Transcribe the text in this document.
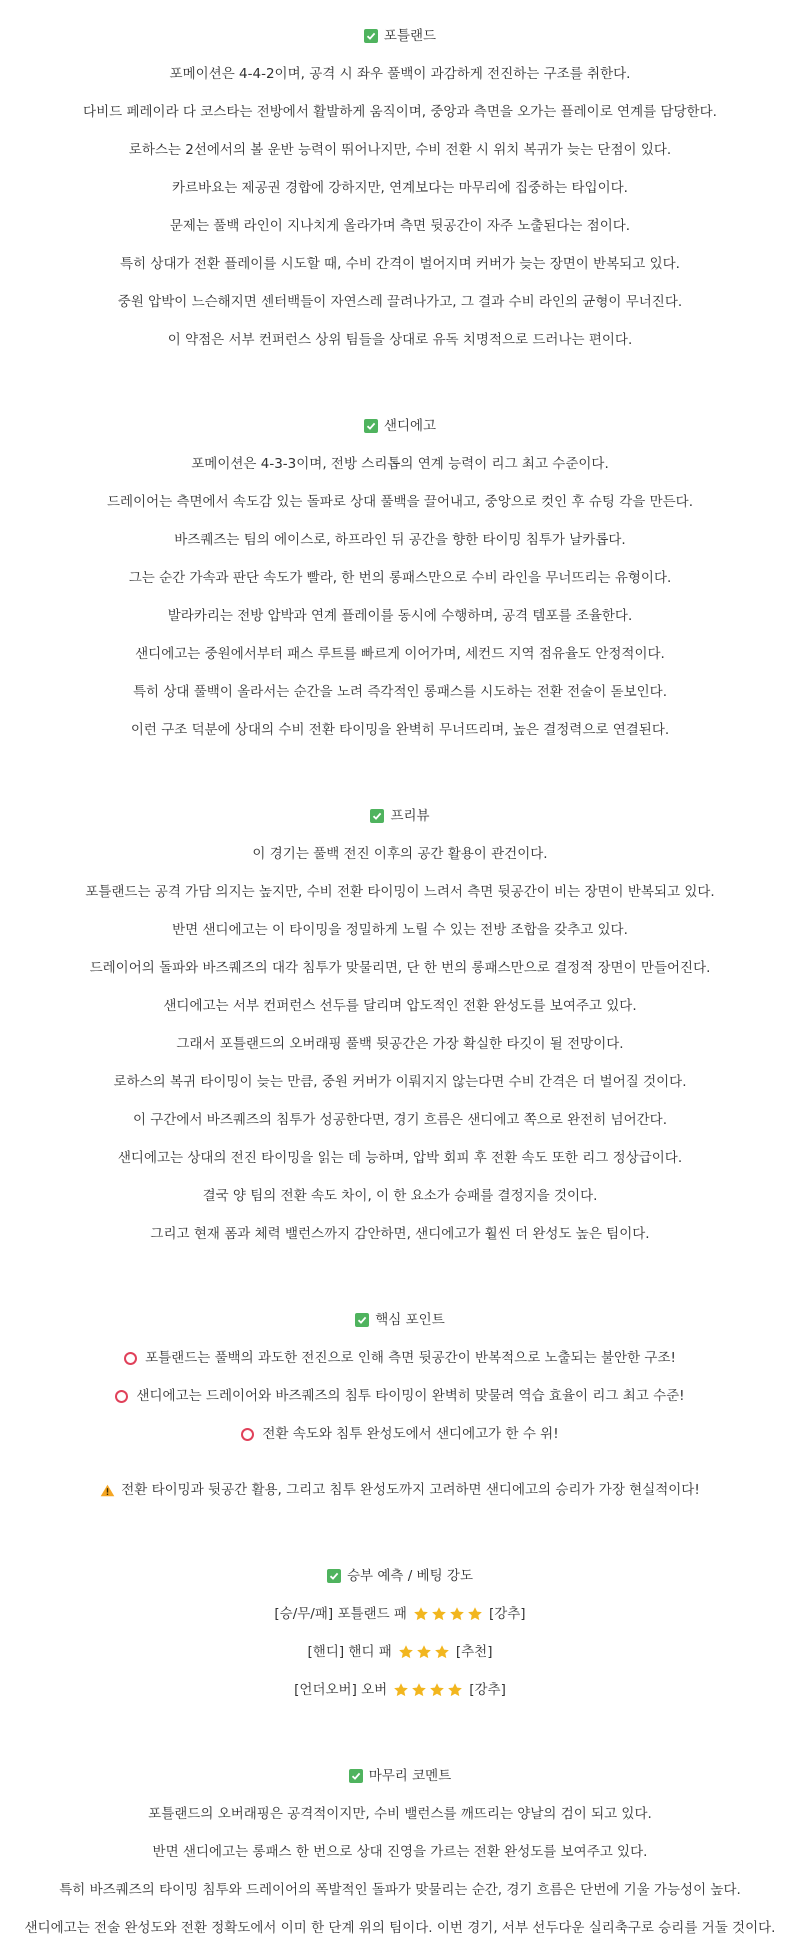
포틀랜드
포메이션은 4-4-2이며, 공격 시 좌우 풀백이 과감하게 전진하는 구조를 취한다.
다비드 페레이라 다 코스타는 전방에서 활발하게 움직이며, 중앙과 측면을 오가는 플레이로 연계를 담당한다.
로하스는 2선에서의 볼 운반 능력이 뛰어나지만, 수비 전환 시 위치 복귀가 늦는 단점이 있다.
카르바요는 제공권 경합에 강하지만, 연계보다는 마무리에 집중하는 타입이다.
문제는 풀백 라인이 지나치게 올라가며 측면 뒷공간이 자주 노출된다는 점이다.
특히 상대가 전환 플레이를 시도할 때, 수비 간격이 벌어지며 커버가 늦는 장면이 반복되고 있다.
중원 압박이 느슨해지면 센터백들이 자연스레 끌려나가고, 그 결과 수비 라인의 균형이 무너진다.
이 약점은 서부 컨퍼런스 상위 팀들을 상대로 유독 치명적으로 드러나는 편이다.
샌디에고
포메이션은 4-3-3이며, 전방 스리톱의 연계 능력이 리그 최고 수준이다.
드레이어는 측면에서 속도감 있는 돌파로 상대 풀백을 끌어내고, 중앙으로 컷인 후 슈팅 각을 만든다.
바즈퀘즈는 팀의 에이스로, 하프라인 뒤 공간을 향한 타이밍 침투가 날카롭다.
그는 순간 가속과 판단 속도가 빨라, 한 번의 롱패스만으로 수비 라인을 무너뜨리는 유형이다.
발라카리는 전방 압박과 연계 플레이를 동시에 수행하며, 공격 템포를 조율한다.
샌디에고는 중원에서부터 패스 루트를 빠르게 이어가며, 세컨드 지역 점유율도 안정적이다.
특히 상대 풀백이 올라서는 순간을 노려 즉각적인 롱패스를 시도하는 전환 전술이 돋보인다.
이런 구조 덕분에 상대의 수비 전환 타이밍을 완벽히 무너뜨리며, 높은 결정력으로 연결된다.
프리뷰
이 경기는 풀백 전진 이후의 공간 활용이 관건이다.
포틀랜드는 공격 가담 의지는 높지만, 수비 전환 타이밍이 느려서 측면 뒷공간이 비는 장면이 반복되고 있다.
반면 샌디에고는 이 타이밍을 정밀하게 노릴 수 있는 전방 조합을 갖추고 있다.
드레이어의 돌파와 바즈퀘즈의 대각 침투가 맞물리면, 단 한 번의 롱패스만으로 결정적 장면이 만들어진다.
샌디에고는 서부 컨퍼런스 선두를 달리며 압도적인 전환 완성도를 보여주고 있다.
그래서 포틀랜드의 오버래핑 풀백 뒷공간은 가장 확실한 타깃이 될 전망이다.
로하스의 복귀 타이밍이 늦는 만큼, 중원 커버가 이뤄지지 않는다면 수비 간격은 더 벌어질 것이다.
이 구간에서 바즈퀘즈의 침투가 성공한다면, 경기 흐름은 샌디에고 쪽으로 완전히 넘어간다.
샌디에고는 상대의 전진 타이밍을 읽는 데 능하며, 압박 회피 후 전환 속도 또한 리그 정상급이다.
결국 양 팀의 전환 속도 차이, 이 한 요소가 승패를 결정지을 것이다.
그리고 현재 폼과 체력 밸런스까지 감안하면, 샌디에고가 훨씬 더 완성도 높은 팀이다.
핵심 포인트
포틀랜드는 풀백의 과도한 전진으로 인해 측면 뒷공간이 반복적으로 노출되는 불안한 구조!
샌디에고는 드레이어와 바즈퀘즈의 침투 타이밍이 완벽히 맞물려 역습 효율이 리그 최고 수준!
전환 속도와 침투 완성도에서 샌디에고가 한 수 위!
전환 타이밍과 뒷공간 활용, 그리고 침투 완성도까지 고려하면 샌디에고의 승리가 가장 현실적이다!
승부 예측 / 베팅 강도
[승/무/패] 포틀랜드 패	[강추]
[핸디] 핸디 패	[추천]
[언더오버] 오버	[강추]
마무리 코멘트
포틀랜드의 오버래핑은 공격적이지만, 수비 밸런스를 깨뜨리는 양날의 검이 되고 있다.
반면 샌디에고는 롱패스 한 번으로 상대 진영을 가르는 전환 완성도를 보여주고 있다.
특히 바즈퀘즈의 타이밍 침투와 드레이어의 폭발적인 돌파가 맞물리는 순간, 경기 흐름은 단번에 기울 가능성이 높다.
샌디에고는 전술 완성도와 전환 정확도에서 이미 한 단계 위의 팀이다. 이번 경기, 서부 선두다운 실리축구로 승리를 거둘 것이다.
